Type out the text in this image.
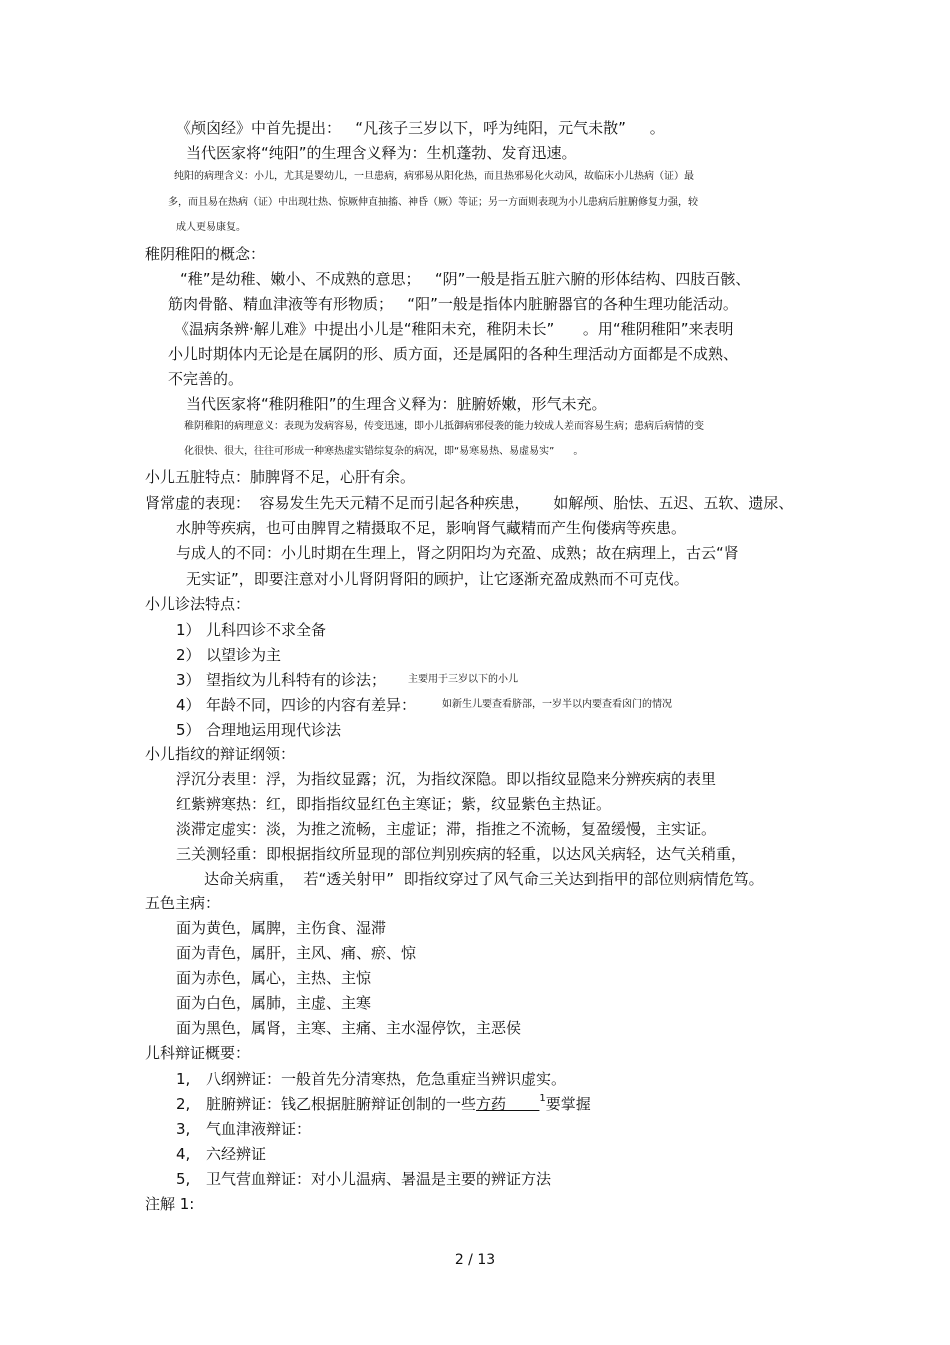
《颅囟经》中首先提出：   “凡孩子三岁以下，呼为纯阳，元气未散”     。
当代医家将“纯阳”的生理含义释为：生机蓬勃、发育迅速。
纯阳的病理含义：小儿，尤其是婴幼儿，一旦患病，病邪易从阳化热，而且热邪易化火动风，故临床小儿热病（证）最
多，而且易在热病（证）中出现壮热、惊厥伸直抽搐、神昏（厥）等证；另一方面则表现为小儿患病后脏腑修复力强，较
成人更易康复。
稚阴稚阳的概念：
“稚”是幼稚、嫩小、不成熟的意思；   “阴”一般是指五脏六腑的形体结构、四肢百骸、
筋肉骨骼、精血津液等有形物质；   “阳”一般是指体内脏腑器官的各种生理功能活动。
《温病条辨·解儿难》中提出小儿是“稚阳未充，稚阴未长”      。用“稚阴稚阳”来表明
小儿时期体内无论是在属阴的形、质方面，还是属阳的各种生理活动方面都是不成熟、
不完善的。
当代医家将“稚阴稚阳”的生理含义释为：脏腑娇嫩，形气未充。
稚阴稚阳的病理意义：表现为发病容易，传变迅速，即小儿抵御病邪侵袭的能力较成人差而容易生病；患病后病情的变
化很快、很大，往往可形成一种寒热虚实错综复杂的病况，即“易寒易热、易虚易实”      。
小儿五脏特点：肺脾肾不足，心肝有余。
肾常虚的表现：  容易发生先天元精不足而引起各种疾患，     如解颅、胎怯、五迟、五软、遗尿、
水肿等疾病，也可由脾胃之精摄取不足，影响肾气藏精而产生佝偻病等疾患。
与成人的不同：小儿时期在生理上，肾之阴阳均为充盈、成熟；故在病理上，古云“肾
无实证”，即要注意对小儿肾阴肾阳的顾护，让它逐渐充盈成熟而不可克伐。
小儿诊法特点：
1） 儿科四诊不求全备
2） 以望诊为主
3） 望指纹为儿科特有的诊法； 主要用于三岁以下的小儿
4） 年龄不同，四诊的内容有差异：	如新生儿要查看脐部，一岁半以内要查看囟门的情况
5） 合理地运用现代诊法
小儿指纹的辩证纲领：
浮沉分表里：浮，为指纹显露；沉，为指纹深隐。即以指纹显隐来分辨疾病的表里
红紫辨寒热：红，即指指纹显红色主寒证；紫，纹显紫色主热证。
淡滞定虚实：淡，为推之流畅，主虚证；滞，指推之不流畅，复盈缓慢，主实证。
三关测轻重：即根据指纹所显现的部位判别疾病的轻重，以达风关病轻，达气关稍重，
达命关病重，  若“透关射甲”  即指纹穿过了风气命三关达到指甲的部位则病情危笃。
五色主病：
面为黄色，属脾，主伤食、湿滞
面为青色，属肝，主风、痛、瘀、惊
面为赤色，属心，主热、主惊
面为白色，属肺，主虚、主寒
面为黑色，属肾，主寒、主痛、主水湿停饮，主恶侯
儿科辩证概要：
1, 八纲辨证：一般首先分清寒热，危急重症当辨识虚实。
2, 脏腑辨证：钱乙根据脏腑辩证创制的一些方药       $^1$要掌握
3, 气血津液辩证：
4, 六经辨证
5, 卫气营血辩证：对小儿温病、暑温是主要的辨证方法
注解 1:
2 / 13
